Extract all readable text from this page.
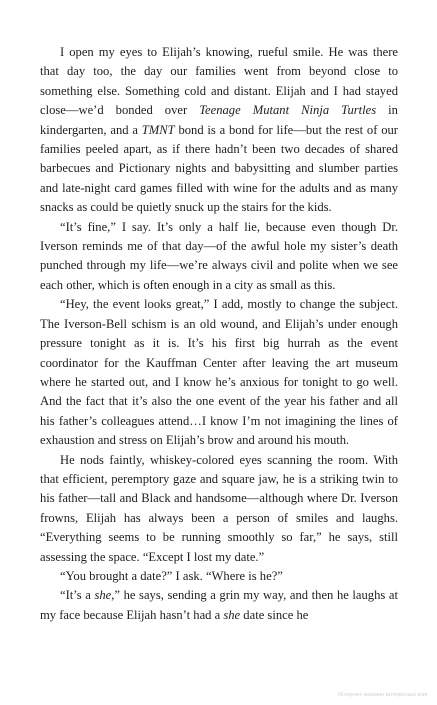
I open my eyes to Elijah’s knowing, rueful smile. He was there that day too, the day our families went from beyond close to something else. Something cold and distant. Elijah and I had stayed close—we’d bonded over Teenage Mutant Ninja Turtles in kindergarten, and a TMNT bond is a bond for life—but the rest of our families peeled apart, as if there hadn’t been two decades of shared barbecues and Pictionary nights and babysitting and slumber parties and late-night card games filled with wine for the adults and as many snacks as could be quietly snuck up the stairs for the kids.

“It’s fine,” I say. It’s only a half lie, because even though Dr. Iverson reminds me of that day—of the awful hole my sister’s death punched through my life—we’re always civil and polite when we see each other, which is often enough in a city as small as this.

“Hey, the event looks great,” I add, mostly to change the subject. The Iverson-Bell schism is an old wound, and Elijah’s under enough pressure tonight as it is. It’s his first big hurrah as the event coordinator for the Kauffman Center after leaving the art museum where he started out, and I know he’s anxious for tonight to go well. And the fact that it’s also the one event of the year his father and all his father’s colleagues attend…I know I’m not imagining the lines of exhaustion and stress on Elijah’s brow and around his mouth.

He nods faintly, whiskey-colored eyes scanning the room. With that efficient, peremptory gaze and square jaw, he is a striking twin to his father—tall and Black and handsome—although where Dr. Iverson frowns, Elijah has always been a person of smiles and laughs. “Everything seems to be running smoothly so far,” he says, still assessing the space. “Except I lost my date.”

“You brought a date?” I ask. “Where is he?”

“It’s a she,” he says, sending a grin my way, and then he laughs at my face because Elijah hasn’t had a she date since he

Интернет-магазин интересных книг
